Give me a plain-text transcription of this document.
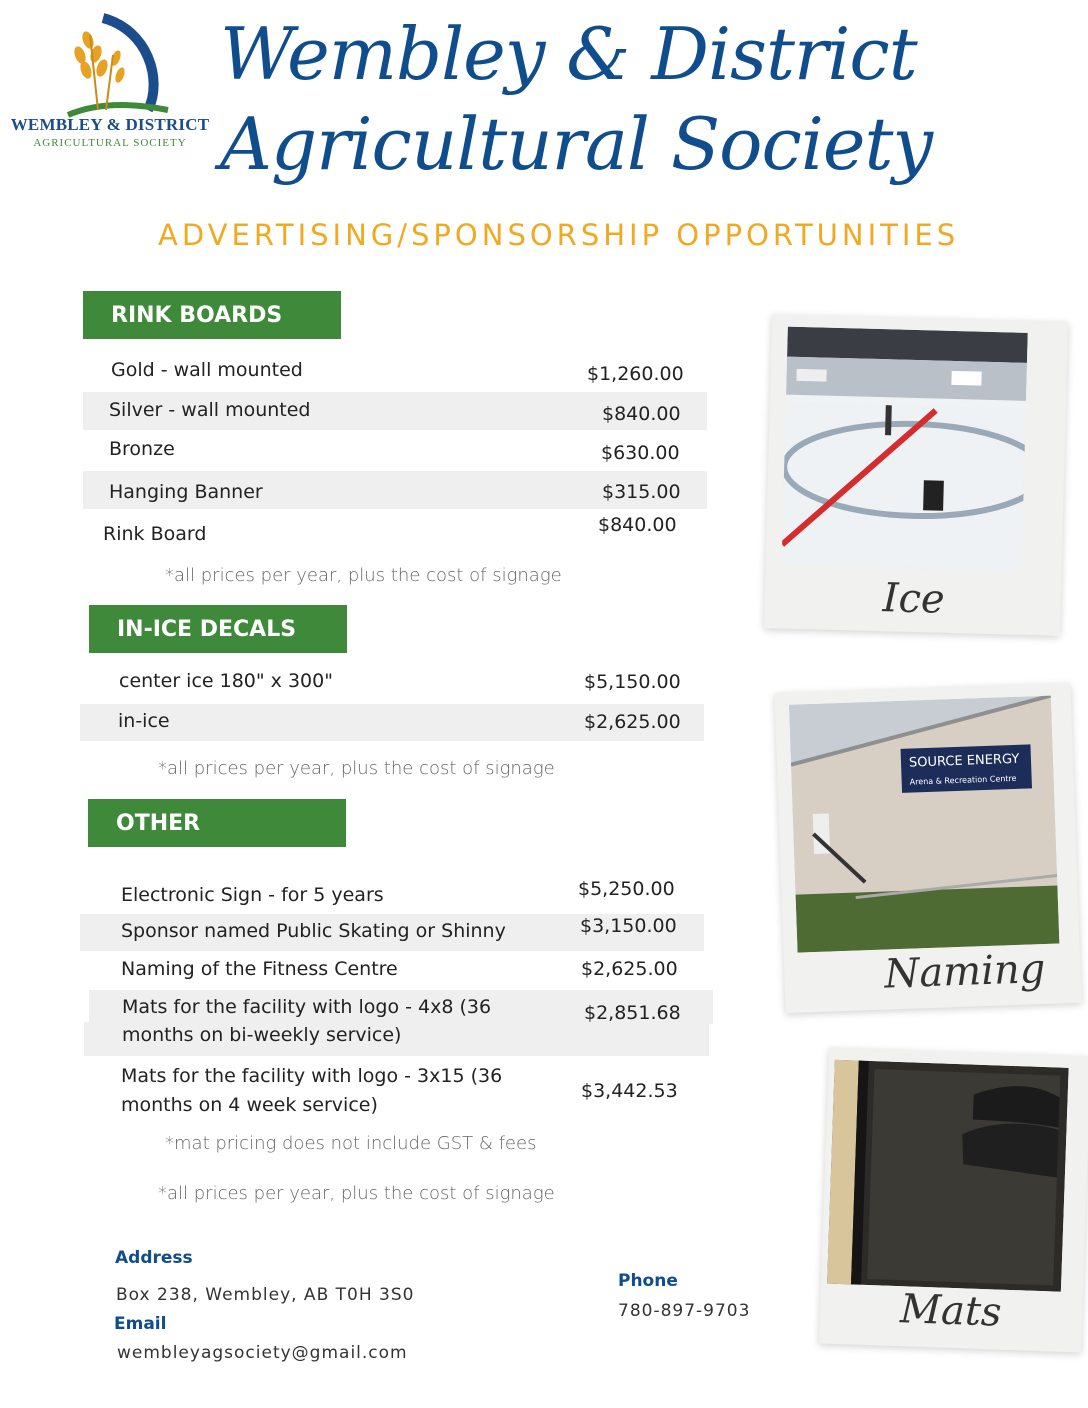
WEMBLEY & DISTRICT
AGRICULTURAL SOCIETY
Wembley & District
Agricultural Society
ADVERTISING/SPONSORSHIP OPPORTUNITIES
RINK BOARDS
Gold - wall mounted	$1,260.00
Silver - wall mounted	$840.00
Bronze	$630.00
Hanging Banner	$315.00
Rink Board	$840.00
*all prices per year, plus the cost of signage
IN-ICE DECALS
center ice 180" x 300"	$5,150.00
in-ice	$2,625.00
*all prices per year, plus the cost of signage
OTHER
Electronic Sign - for 5 years	$5,250.00
Sponsor named Public Skating or Shinny	$3,150.00
Naming of the Fitness Centre	$2,625.00
Mats for the facility with logo - 4x8 (36
months on bi-weekly service)
$2,851.68
Mats for the facility with logo - 3x15 (36
months on 4 week service)
$3,442.53
*mat pricing does not include GST & fees
*all prices per year, plus the cost of signage
Address
Box 238, Wembley, AB T0H 3S0
Email
wembleyagsociety@gmail.com
Phone
780-897-9703
Ice
SOURCE ENERGY
Arena & Recreation Centre
Naming
Mats
